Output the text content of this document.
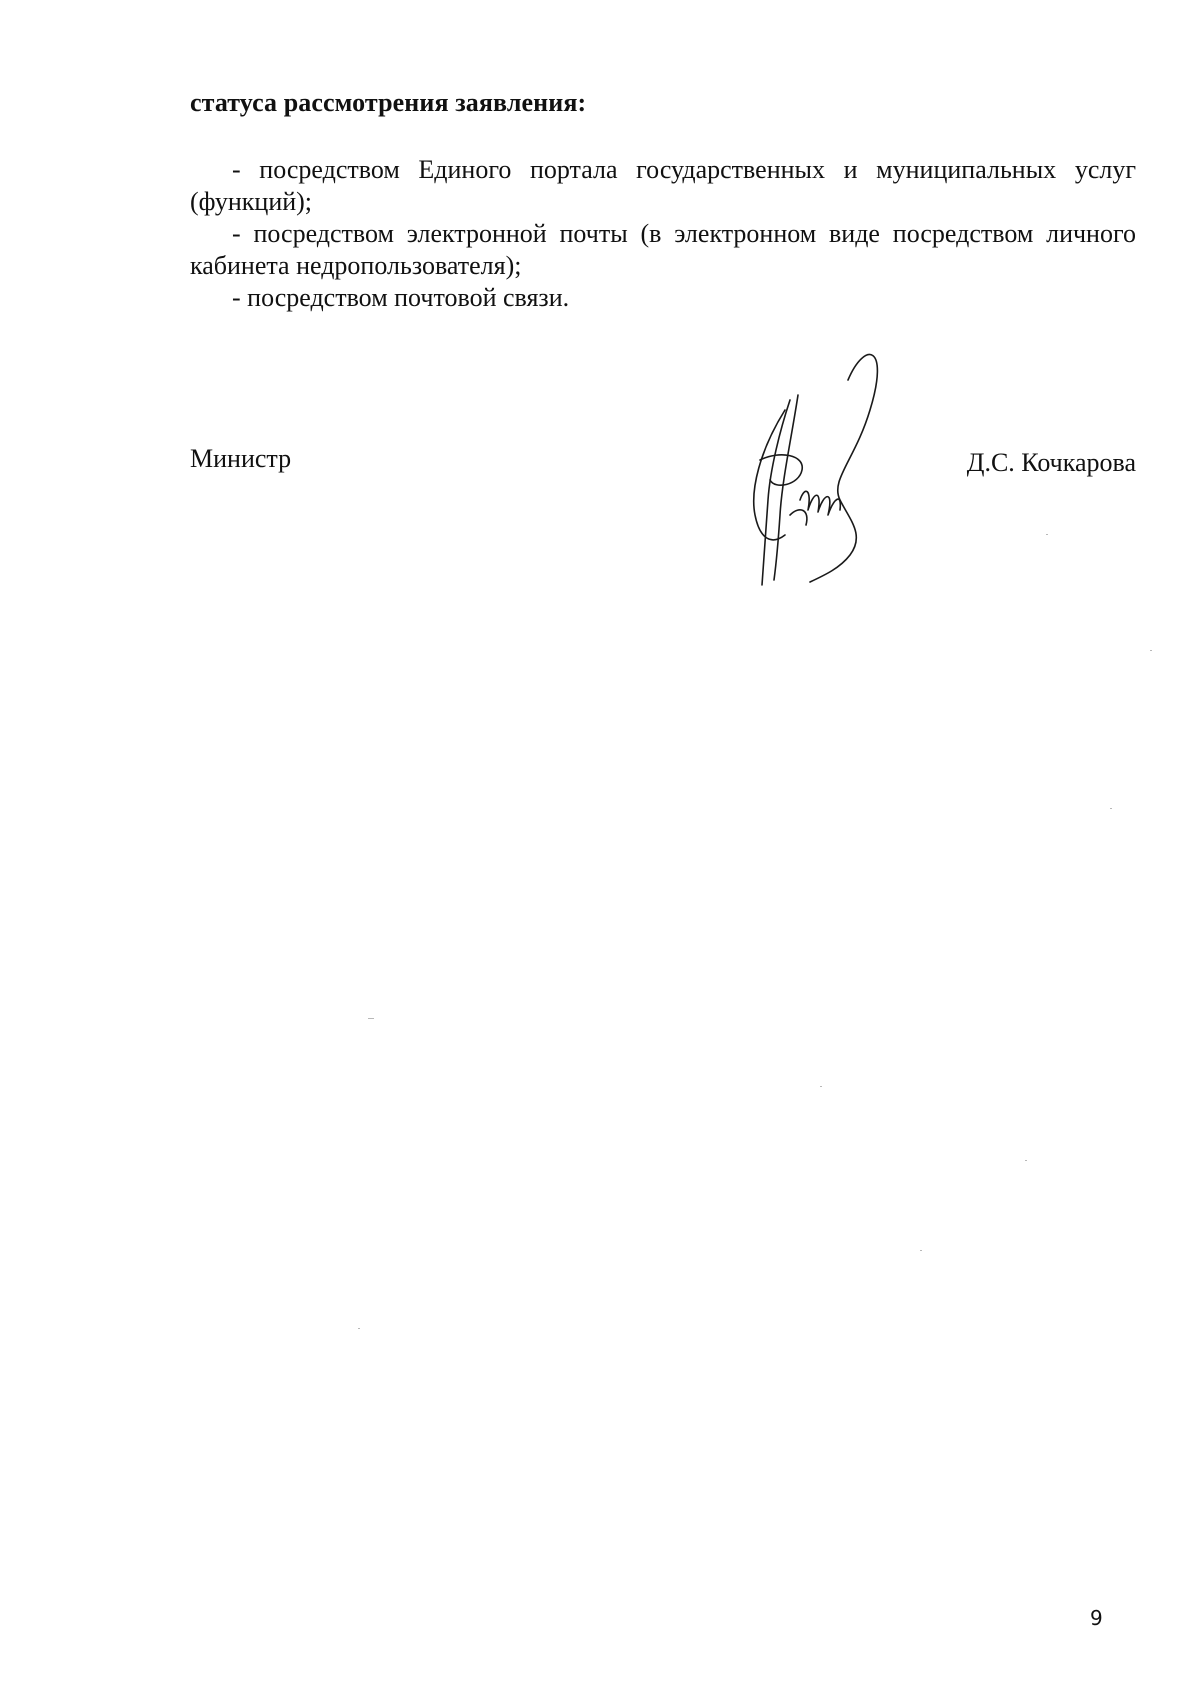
статуса рассмотрения заявления:

- посредством Единого портала государственных и муниципальных услуг (функций);

- посредством электронной почты (в электронном виде посредством личного кабинета недропользователя);

- посредством почтовой связи.

Министр	Д.С. Кочкарова
9
